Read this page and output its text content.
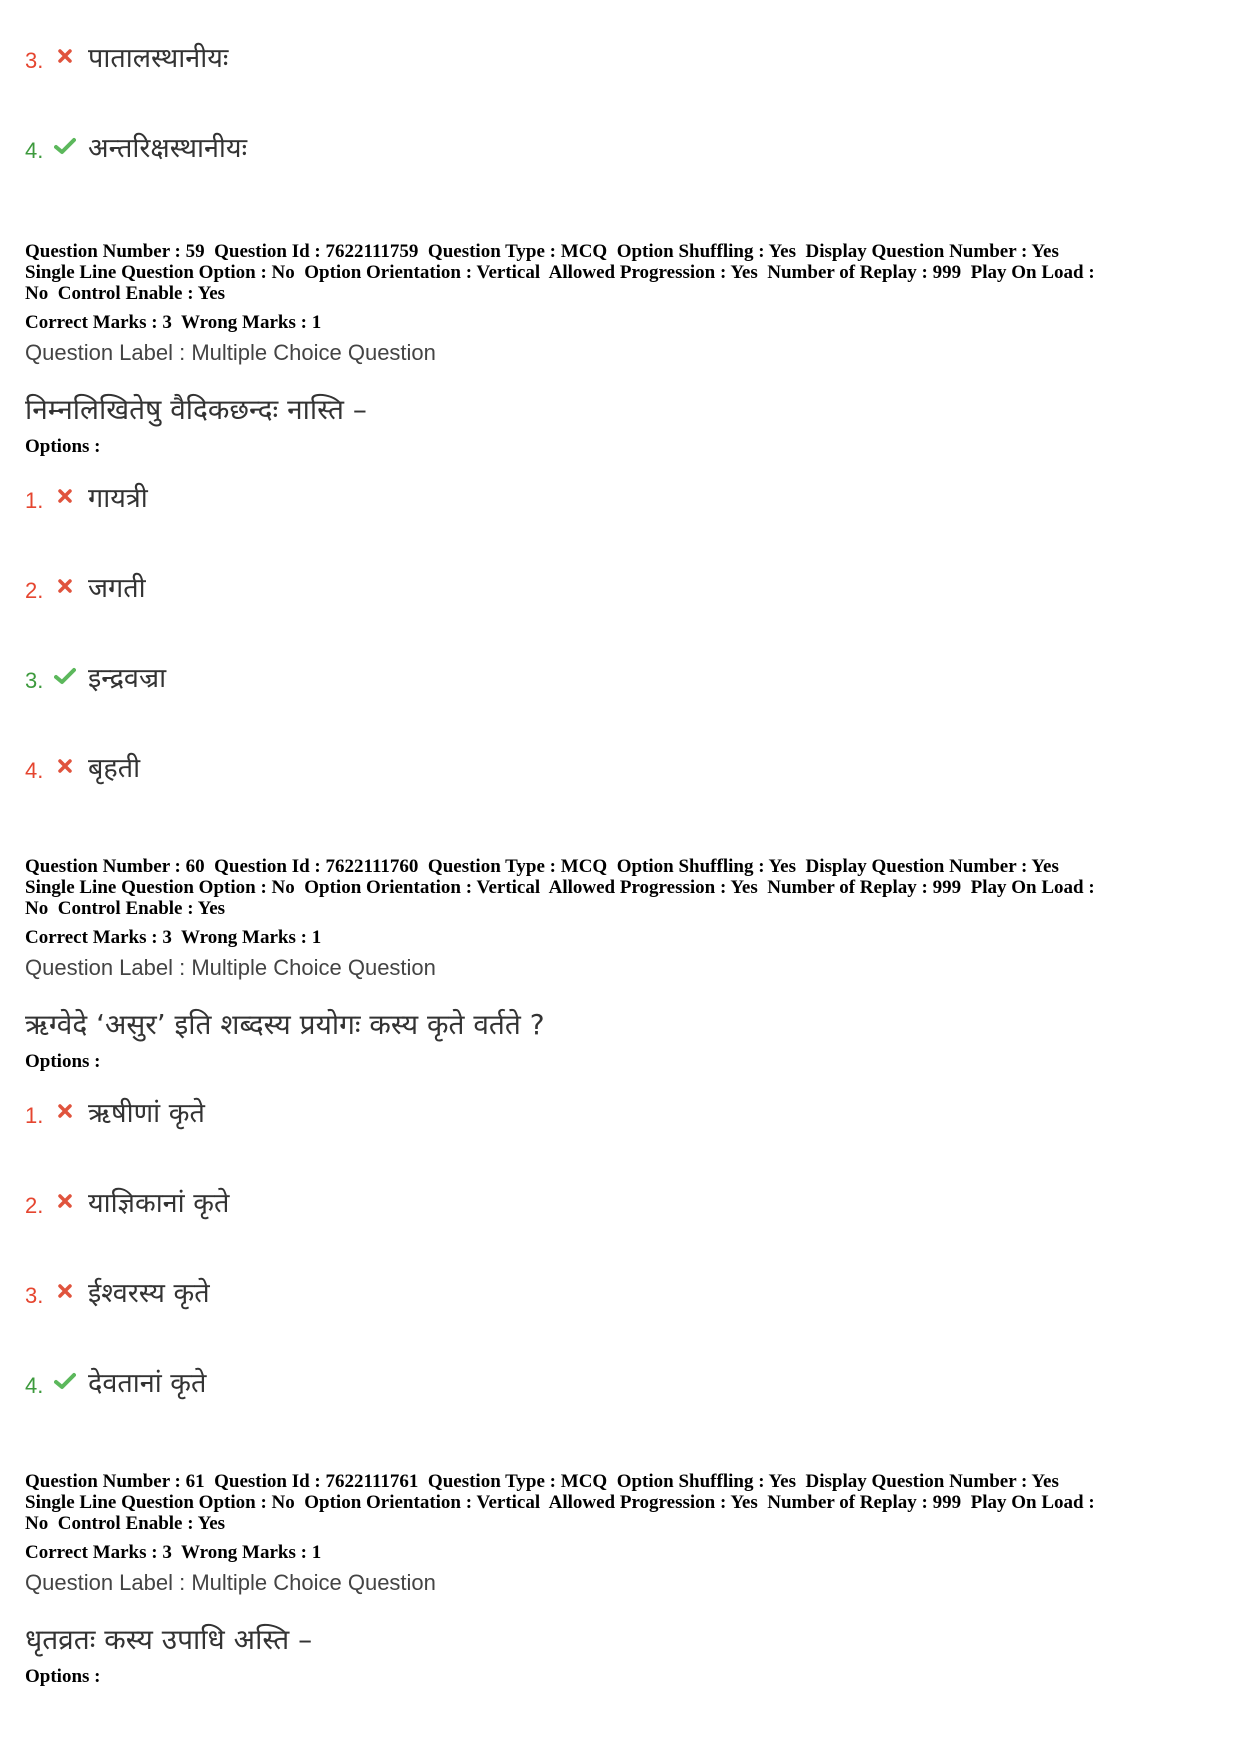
3.	पातालस्थानीयः
4.	अन्तरिक्षस्थानीयः
Question Number : 59  Question Id : 7622111759  Question Type : MCQ  Option Shuffling : Yes  Display Question Number : Yes
Single Line Question Option : No  Option Orientation : Vertical  Allowed Progression : Yes  Number of Replay : 999  Play On Load :
No  Control Enable : Yes
Correct Marks : 3  Wrong Marks : 1
Question Label : Multiple Choice Question
निम्नलिखितेषु वैदिकछन्दः नास्ति –
Options :
1.	गायत्री
2.	जगती
3.	इन्द्रवज्रा
4.	बृहती
Question Number : 60  Question Id : 7622111760  Question Type : MCQ  Option Shuffling : Yes  Display Question Number : Yes
Single Line Question Option : No  Option Orientation : Vertical  Allowed Progression : Yes  Number of Replay : 999  Play On Load :
No  Control Enable : Yes
Correct Marks : 3  Wrong Marks : 1
Question Label : Multiple Choice Question
ऋग्वेदे ‘असुर’ इति शब्दस्य प्रयोगः कस्य कृते वर्तते ?
Options :
1.	ऋषीणां कृते
2.	याज्ञिकानां कृते
3.	ईश्वरस्य कृते
4.	देवतानां कृते
Question Number : 61  Question Id : 7622111761  Question Type : MCQ  Option Shuffling : Yes  Display Question Number : Yes
Single Line Question Option : No  Option Orientation : Vertical  Allowed Progression : Yes  Number of Replay : 999  Play On Load :
No  Control Enable : Yes
Correct Marks : 3  Wrong Marks : 1
Question Label : Multiple Choice Question
धृतव्रतः कस्य उपाधि अस्ति –
Options :
